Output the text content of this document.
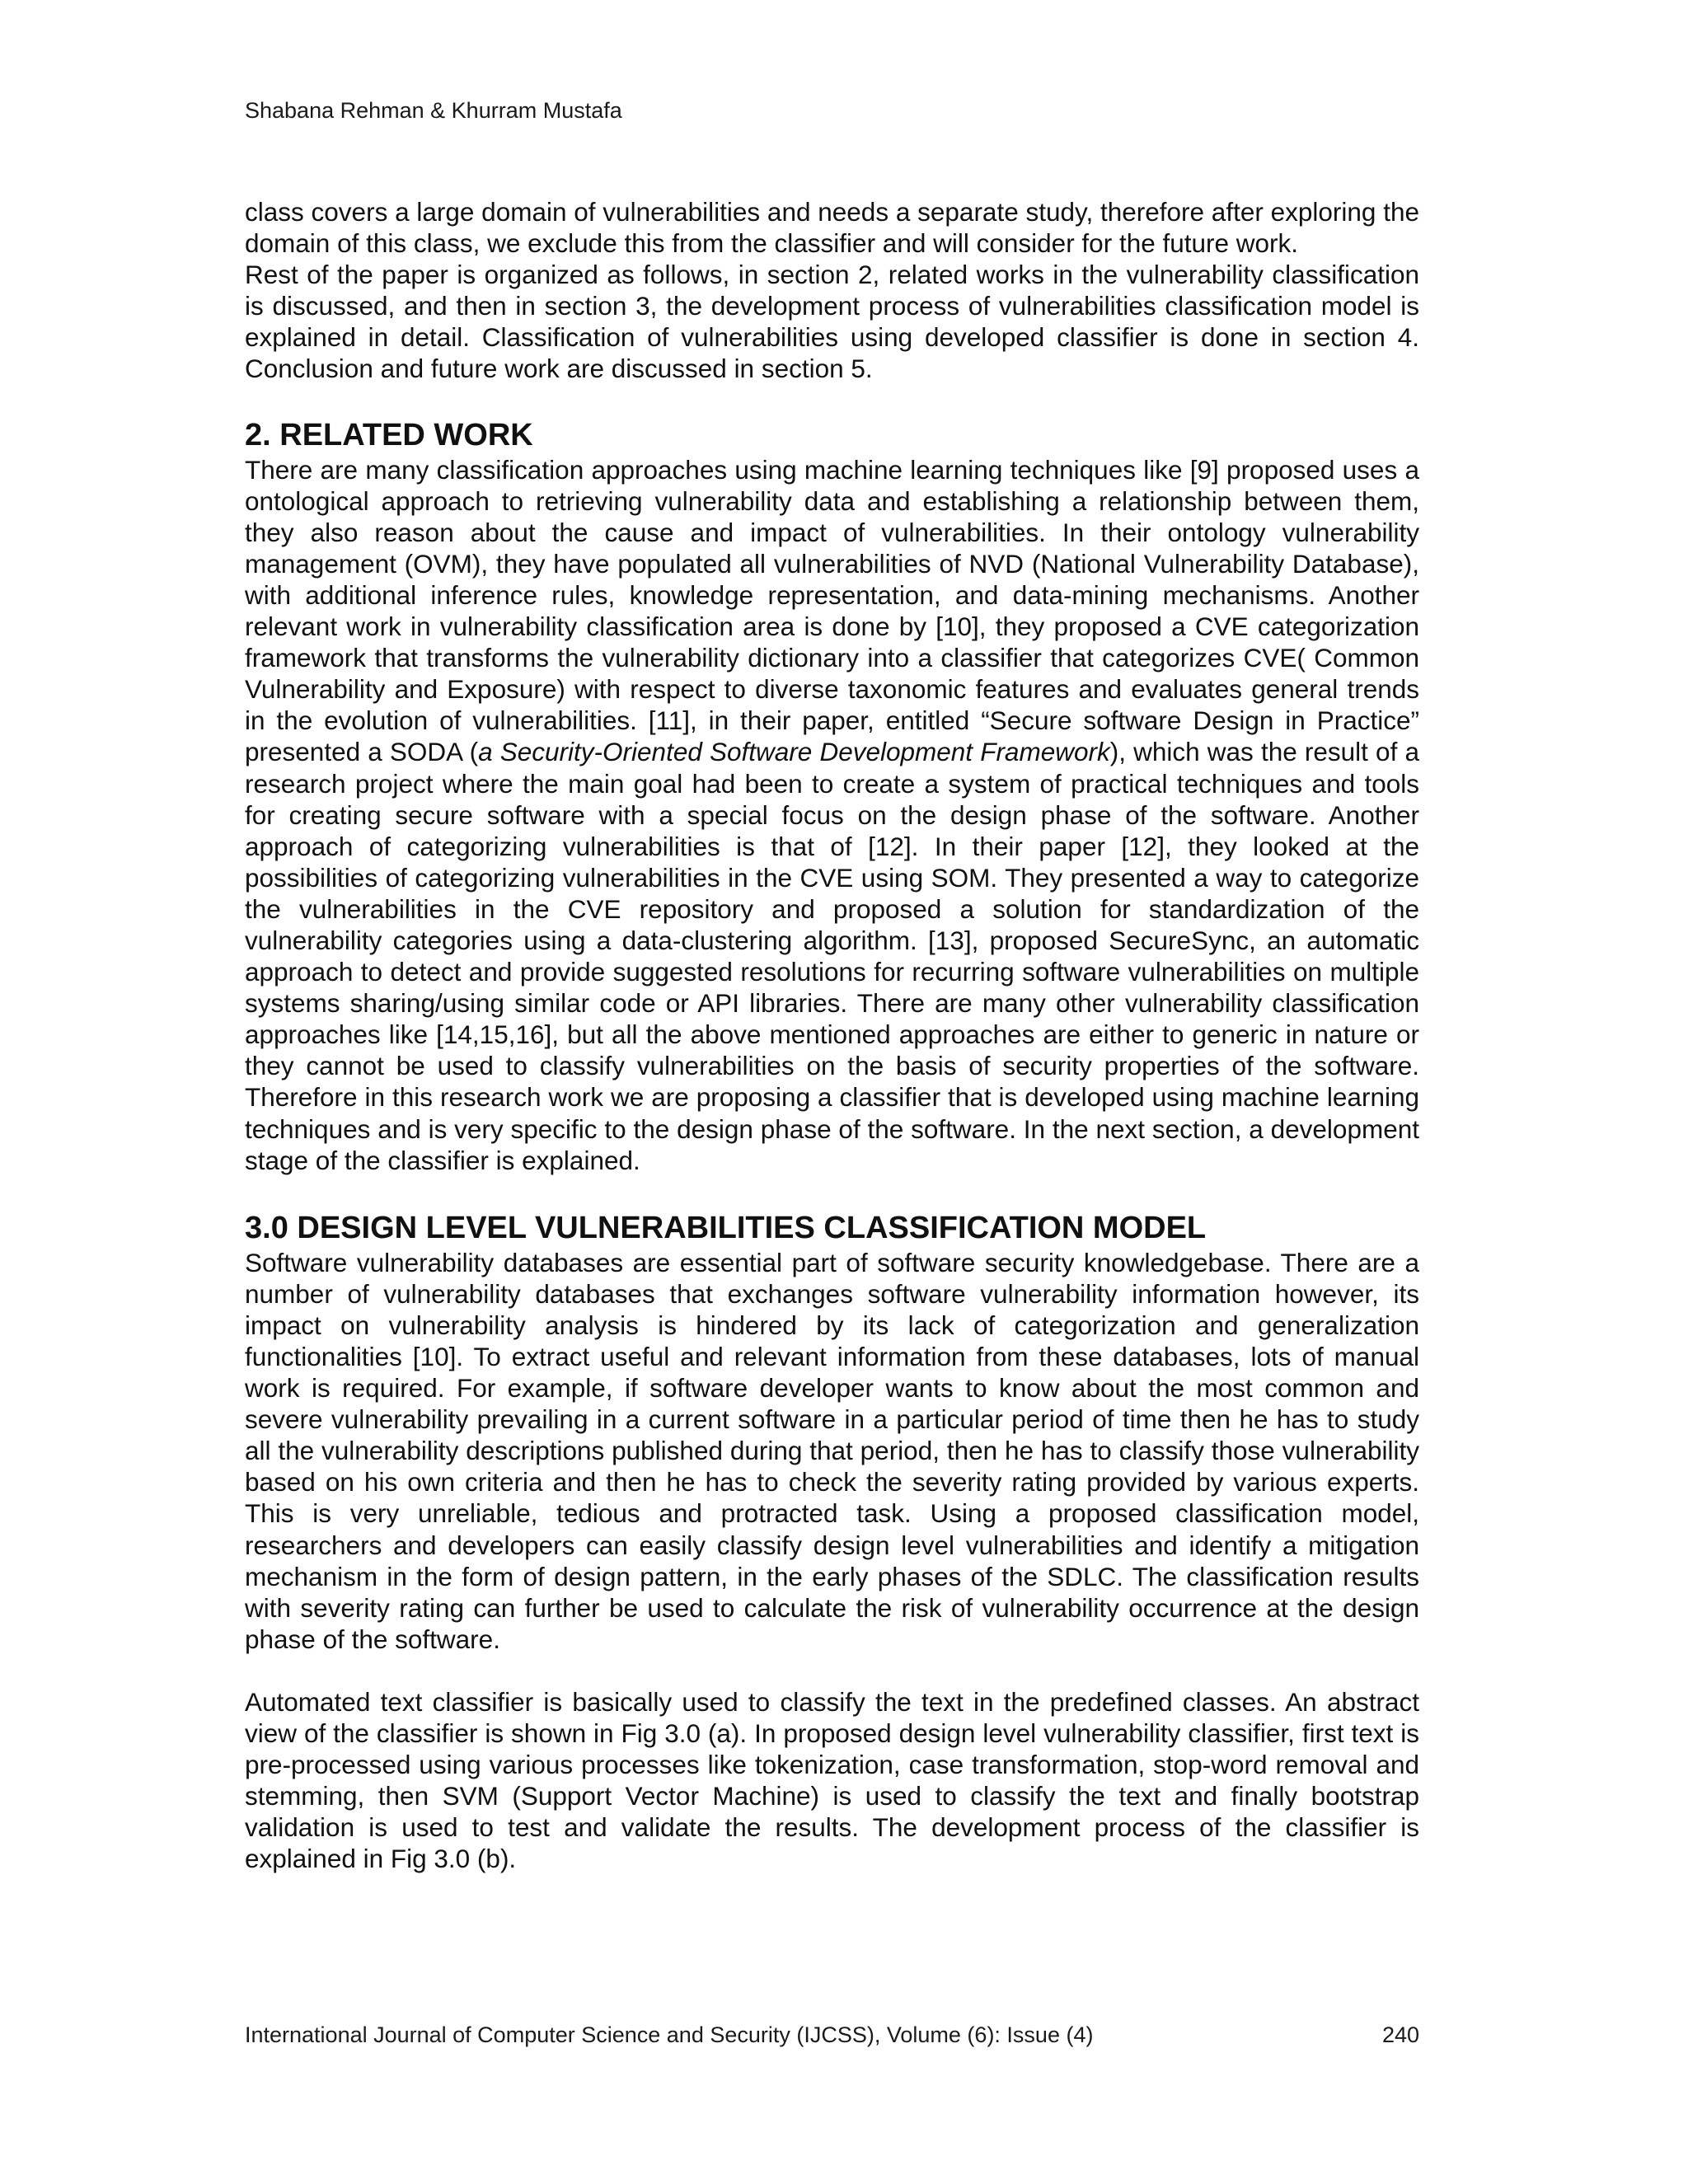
Shabana Rehman & Khurram Mustafa

class covers a large domain of vulnerabilities and needs a separate study, therefore after exploring the domain of this class, we exclude this from the classifier and will consider for the future work.

Rest of the paper is organized as follows, in section 2, related works in the vulnerability classification is discussed, and then in section 3, the development process of vulnerabilities classification model is explained in detail. Classification of vulnerabilities using developed classifier is done in section 4. Conclusion and future work are discussed in section 5.

2. RELATED WORK

There are many classification approaches using machine learning techniques like [9] proposed uses a ontological approach to retrieving vulnerability data and establishing a relationship between them, they also reason about the cause and impact of vulnerabilities. In their ontology vulnerability management (OVM), they have populated all vulnerabilities of NVD (National Vulnerability Database), with additional inference rules, knowledge representation, and data-mining mechanisms. Another relevant work in vulnerability classification area is done by [10], they proposed a CVE categorization framework that transforms the vulnerability dictionary into a classifier that categorizes CVE( Common Vulnerability and Exposure) with respect to diverse taxonomic features and evaluates general trends in the evolution of vulnerabilities. [11], in their paper, entitled “Secure software Design in Practice” presented a SODA (a Security-Oriented Software Development Framework), which was the result of a research project where the main goal had been to create a system of practical techniques and tools for creating secure software with a special focus on the design phase of the software. Another approach of categorizing vulnerabilities is that of [12]. In their paper [12], they looked at the possibilities of categorizing vulnerabilities in the CVE using SOM. They presented a way to categorize the vulnerabilities in the CVE repository and proposed a solution for standardization of the vulnerability categories using a data-clustering algorithm. [13], proposed SecureSync, an automatic approach to detect and provide suggested resolutions for recurring software vulnerabilities on multiple systems sharing/using similar code or API libraries. There are many other vulnerability classification approaches like [14,15,16], but all the above mentioned approaches are either to generic in nature or they cannot be used to classify vulnerabilities on the basis of security properties of the software. Therefore in this research work we are proposing a classifier that is developed using machine learning techniques and is very specific to the design phase of the software. In the next section, a development stage of the classifier is explained.

3.0 DESIGN LEVEL VULNERABILITIES CLASSIFICATION MODEL

Software vulnerability databases are essential part of software security knowledgebase. There are a number of vulnerability databases that exchanges software vulnerability information however, its impact on vulnerability analysis is hindered by its lack of categorization and generalization functionalities [10]. To extract useful and relevant information from these databases, lots of manual work is required. For example, if software developer wants to know about the most common and severe vulnerability prevailing in a current software in a particular period of time then he has to study all the vulnerability descriptions published during that period, then he has to classify those vulnerability based on his own criteria and then he has to check the severity rating provided by various experts. This is very unreliable, tedious and protracted task. Using a proposed classification model, researchers and developers can easily classify design level vulnerabilities and identify a mitigation mechanism in the form of design pattern, in the early phases of the SDLC. The classification results with severity rating can further be used to calculate the risk of vulnerability occurrence at the design phase of the software.

Automated text classifier is basically used to classify the text in the predefined classes. An abstract view of the classifier is shown in Fig 3.0 (a). In proposed design level vulnerability classifier, first text is pre-processed using various processes like tokenization, case transformation, stop-word removal and stemming, then SVM (Support Vector Machine) is used to classify the text and finally bootstrap validation is used to test and validate the results. The development process of the classifier is explained in Fig 3.0 (b).

International Journal of Computer Science and Security (IJCSS), Volume (6): Issue (4)	240
